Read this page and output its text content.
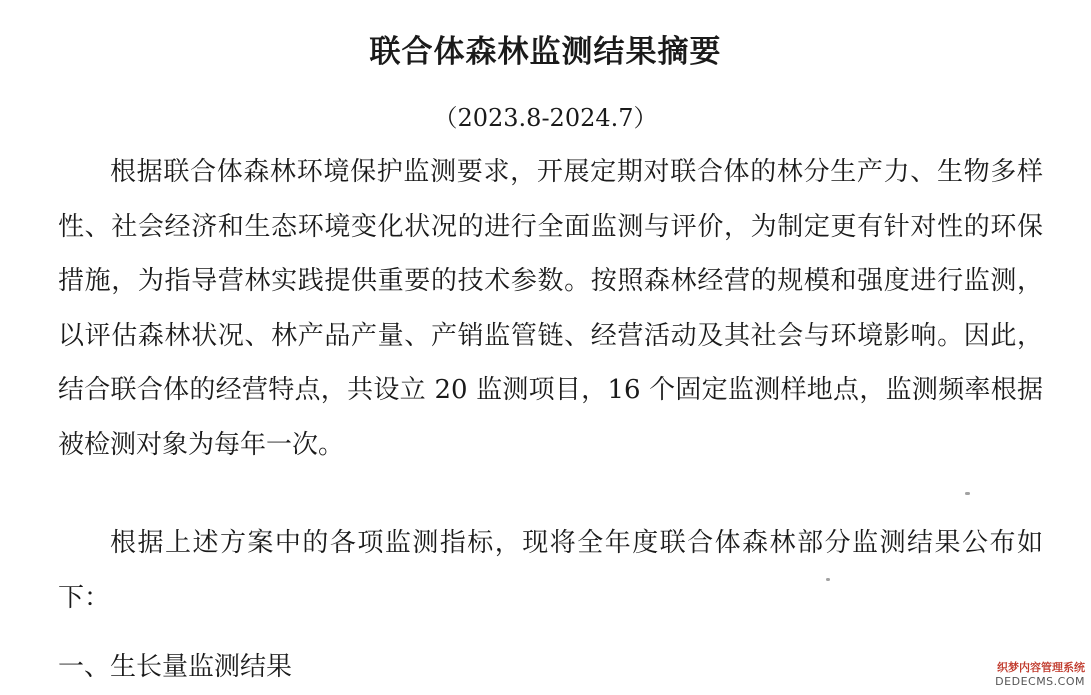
联合体森林监测结果摘要

（2023.8-2024.7）

根据联合体森林环境保护监测要求，开展定期对联合体的林分生产力、生物多样性、社会经济和生态环境变化状况的进行全面监测与评价，为制定更有针对性的环保措施，为指导营林实践提供重要的技术参数。按照森林经营的规模和强度进行监测，以评估森林状况、林产品产量、产销监管链、经营活动及其社会与环境影响。因此，结合联合体的经营特点，共设立 20 监测项目，16 个固定监测样地点，监测频率根据被检测对象为每年一次。

根据上述方案中的各项监测指标，现将全年度联合体森林部分监测结果公布如下：

一、生长量监测结果	织梦内容管理系统
DEDECMS.COM
